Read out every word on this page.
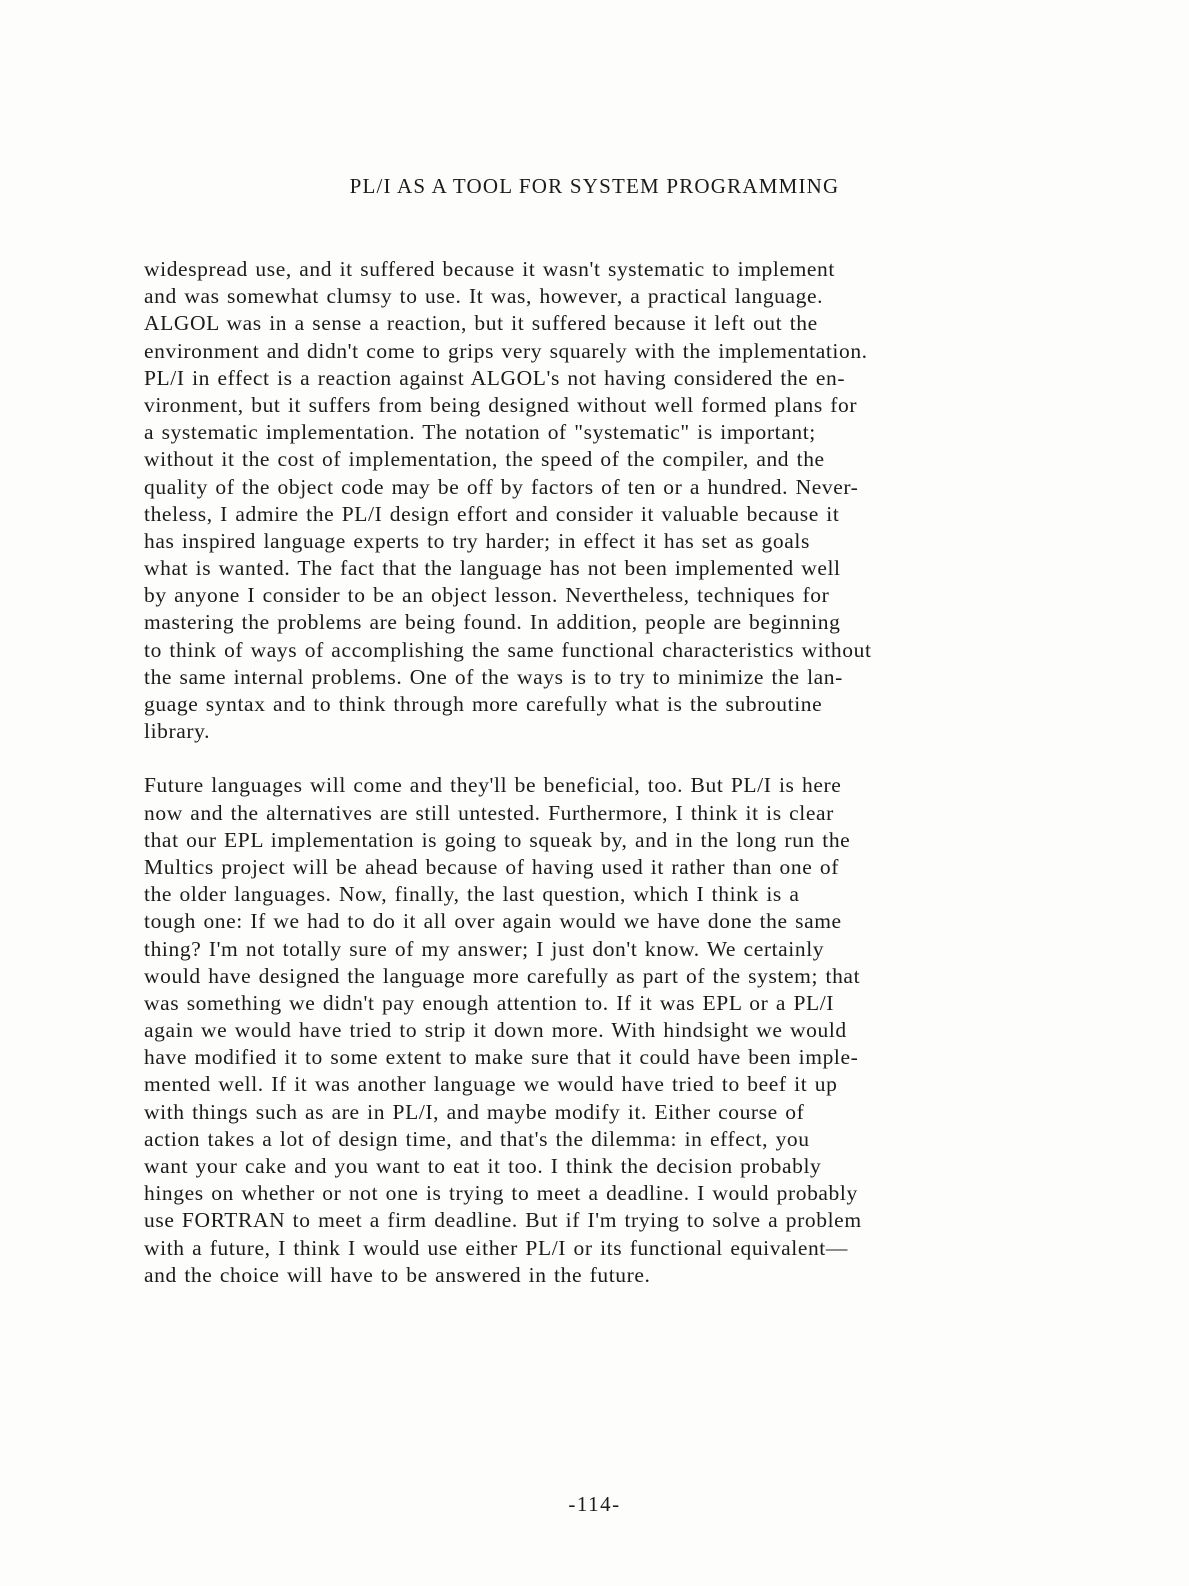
PL/I AS A TOOL FOR SYSTEM PROGRAMMING
widespread use, and it suffered because it wasn't systematic to implement
and was somewhat clumsy to use. It was, however, a practical language.
ALGOL was in a sense a reaction, but it suffered because it left out the
environment and didn't come to grips very squarely with the implementation.
PL/I in effect is a reaction against ALGOL's not having considered the en-
vironment, but it suffers from being designed without well formed plans for
a systematic implementation. The notation of "systematic" is important;
without it the cost of implementation, the speed of the compiler, and the
quality of the object code may be off by factors of ten or a hundred. Never-
theless, I admire the PL/I design effort and consider it valuable because it
has inspired language experts to try harder; in effect it has set as goals
what is wanted. The fact that the language has not been implemented well
by anyone I consider to be an object lesson. Nevertheless, techniques for
mastering the problems are being found. In addition, people are beginning
to think of ways of accomplishing the same functional characteristics without
the same internal problems. One of the ways is to try to minimize the lan-
guage syntax and to think through more carefully what is the subroutine
library.
Future languages will come and they'll be beneficial, too. But PL/I is here
now and the alternatives are still untested. Furthermore, I think it is clear
that our EPL implementation is going to squeak by, and in the long run the
Multics project will be ahead because of having used it rather than one of
the older languages. Now, finally, the last question, which I think is a
tough one: If we had to do it all over again would we have done the same
thing? I'm not totally sure of my answer; I just don't know. We certainly
would have designed the language more carefully as part of the system; that
was something we didn't pay enough attention to. If it was EPL or a PL/I
again we would have tried to strip it down more. With hindsight we would
have modified it to some extent to make sure that it could have been imple-
mented well. If it was another language we would have tried to beef it up
with things such as are in PL/I, and maybe modify it. Either course of
action takes a lot of design time, and that's the dilemma: in effect, you
want your cake and you want to eat it too. I think the decision probably
hinges on whether or not one is trying to meet a deadline. I would probably
use FORTRAN to meet a firm deadline. But if I'm trying to solve a problem
with a future, I think I would use either PL/I or its functional equivalent—
and the choice will have to be answered in the future.
-114-
